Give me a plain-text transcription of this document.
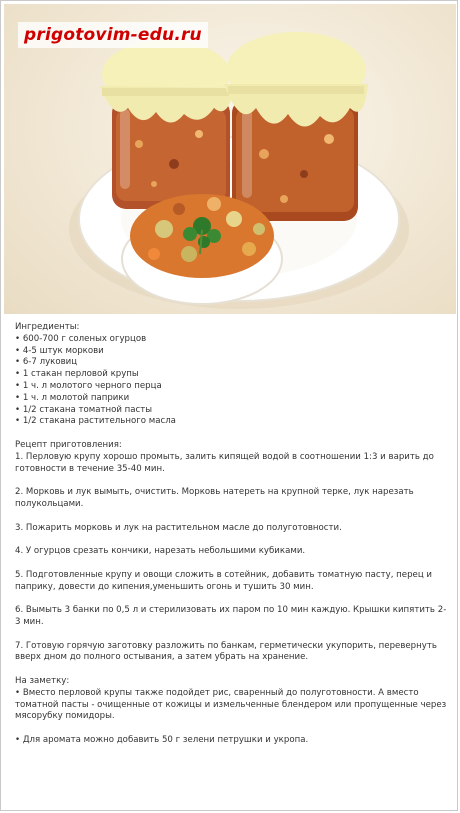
prigotovim-edu.ru

Ингредиенты:

• 600-700 г соленых огурцов
• 4-5 штук моркови
• 6-7 луковиц
• 1 стакан перловой крупы
• 1 ч. л молотого черного перца
• 1 ч. л молотой паприки
• 1/2 стакана томатной пасты
• 1/2 стакана растительного масла

Рецепт приготовления:

1. Перловую крупу хорошо промыть, залить кипящей водой в соотношении 1:3 и варить до готовности в течение 35-40 мин.

2. Морковь и лук вымыть, очистить. Морковь натереть на крупной терке, лук нарезать полукольцами.

3. Пожарить морковь и лук на растительном масле до полуготовности.

4. У огурцов срезать кончики, нарезать небольшими кубиками.

5. Подготовленные крупу и овощи сложить в сотейник, добавить томатную пасту, перец и паприку, довести до кипения,уменьшить огонь и тушить 30 мин.

6. Вымыть 3 банки по 0,5 л и стерилизовать их паром по 10 мин каждую. Крышки кипятить 2-3 мин.

7. Готовую горячую заготовку разложить по банкам, герметически укупорить, перевернуть вверх дном до полного остывания, а затем убрать на хранение.

На заметку:

• Вместо перловой крупы также подойдет рис, сваренный до полуготовности. А вместо томатной пасты - очищенные от кожицы и измельченные блендером или пропущенные через мясорубку помидоры.
• Для аромата можно добавить 50 г зелени петрушки и укропа.
